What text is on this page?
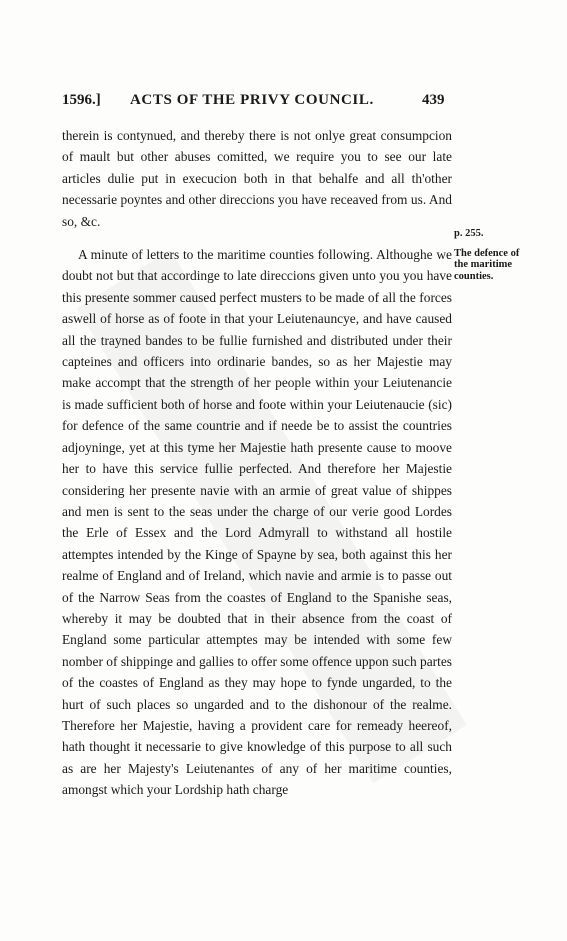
1596.] ACTS OF THE PRIVY COUNCIL.	439

therein is contynued, and thereby there is not onlye great consumpcion of mault but other abuses comitted, we require you to see our late articles dulie put in execucion both in that behalfe and all th'other necessarie poyntes and other direccions you have receaved from us. And so, &c.

A minute of letters to the maritime counties following. Althoughe we doubt not but that accordinge to late direccions given unto you you have this presente sommer caused perfect musters to be made of all the forces aswell of horse as of foote in that your Leiutenauncye, and have caused all the trayned bandes to be fullie furnished and distributed under their capteines and officers into ordinarie bandes, so as her Majestie may make accompt that the strength of her people within your Leiutenancie is made sufficient both of horse and foote within your Leiutenaucie (sic) for defence of the same countrie and if neede be to assist the countries adjoyninge, yet at this tyme her Majestie hath presente cause to moove her to have this service fullie perfected. And therefore her Majestie considering her presente navie with an armie of great value of shippes and men is sent to the seas under the charge of our verie good Lordes the Erle of Essex and the Lord Admyrall to withstand all hostile attemptes intended by the Kinge of Spayne by sea, both against this her realme of England and of Ireland, which navie and armie is to passe out of the Narrow Seas from the coastes of England to the Spanishe seas, whereby it may be doubted that in their absence from the coast of England some particular attemptes may be intended with some few nomber of shippinge and gallies to offer some offence uppon such partes of the coastes of England as they may hope to fynde ungarded, to the hurt of such places so ungarded and to the dishonour of the realme. Therefore her Majestie, having a provident care for remeady heereof, hath thought it necessarie to give knowledge of this purpose to all such as are her Majesty's Leiutenantes of any of her maritime counties, amongst which your Lordship hath charge

p. 255.
The defence of the maritime counties.
